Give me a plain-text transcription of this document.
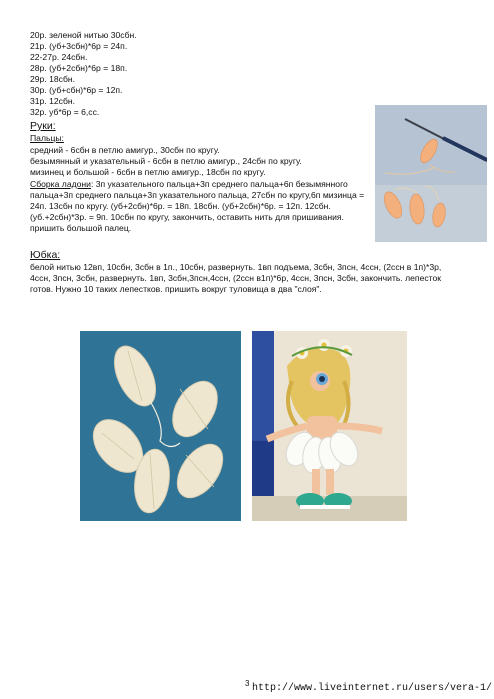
20р. зеленой нитью 30сбн.
21р. (уб+3сбн)*6р = 24п.
22-27р. 24сбн.
28р. (уб+2сбн)*6р = 18п.
29р. 18сбн.
30р. (уб+сбн)*6р = 12п.
31р. 12сбн.
32р. уб*6р = 6,сс.
Руки:
Пальцы:
средний - 6сбн в петлю амигур., 30сбн по кругу.
безымянный и указательный - 6сбн в петлю амигур., 24сбн по кругу.
мизинец и большой - 6сбн в петлю амигур., 18сбн по кругу.
Сборка ладони: 3п указательного пальца+3п среднего пальца+6п безымянного пальца+3п среднего пальца+3п указательного пальца, 27сбн по кругу,6п мизинца = 24п. 13сбн по кругу. (уб+2сбн)*6р. = 18п. 18сбн. (уб+2сбн)*6р. = 12п. 12сбн. (уб.+2сбн)*3р. = 9п. 10сбн по кругу, закончить, оставить нить для пришивания. пришить большой палец.
Юбка:
белой нитью 12вп, 10сбн, 3сбн в 1п., 10сбн, развернуть. 1вп подъема, 3сбн, 3псн, 4ссн, (2ссн в 1п)*3р, 4ссн, 3псн, 3сбн, развернуть. 1вп, 3сбн,3псн,4ссн, (2ссн в1п)*6р, 4ссн, 3псн, 3сбн, закончить. лепесток готов. Нужно 10 таких лепестков. пришить вокруг туловища в два "слоя".
3 http://www.liveinternet.ru/users/vera-1/
